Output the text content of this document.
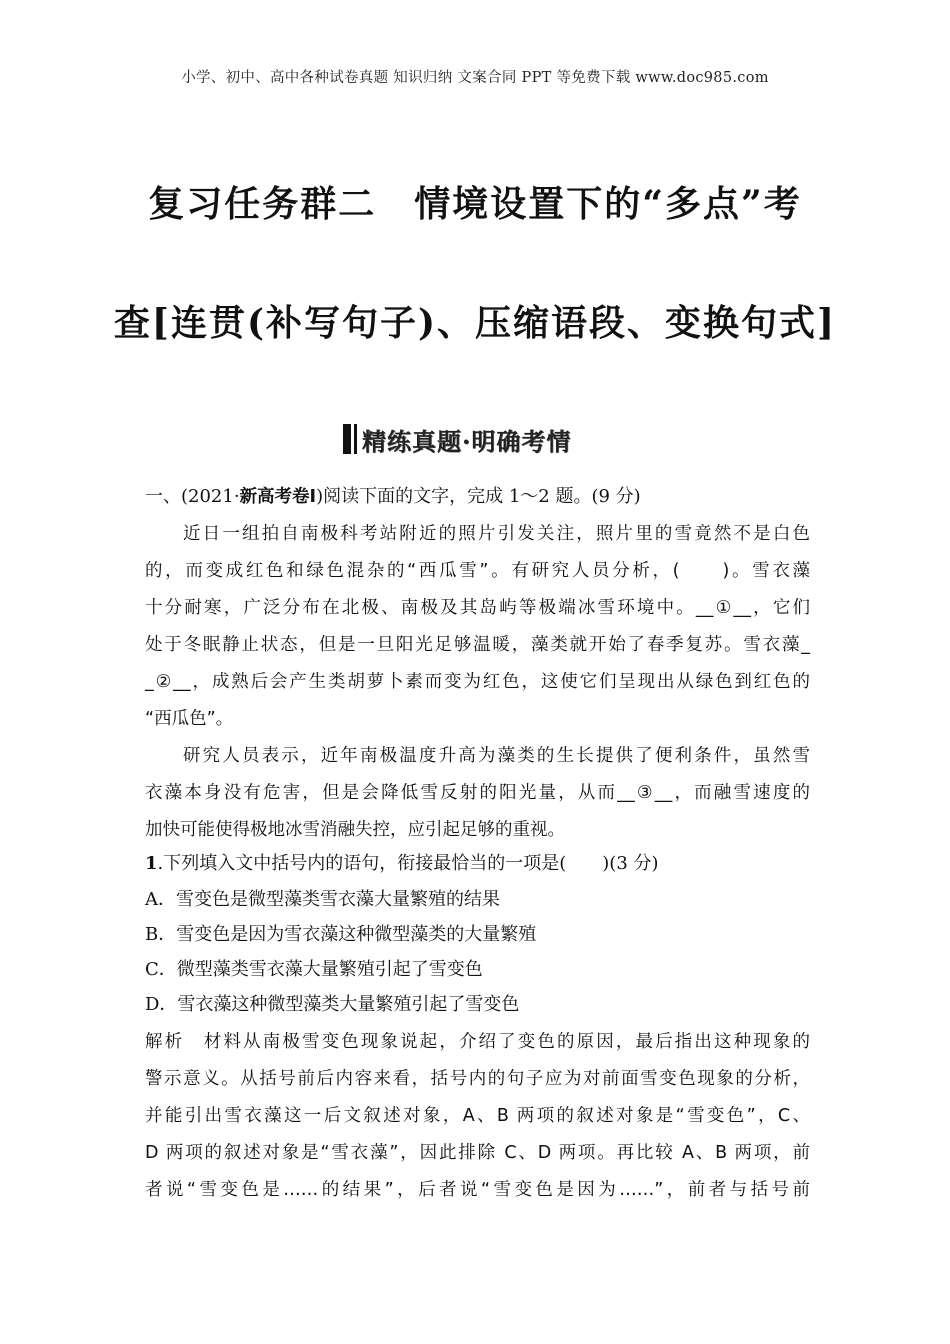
小学、初中、高中各种试卷真题 知识归纳 文案合同 PPT 等免费下载 www.doc985.com
复习任务群二　情境设置下的“多点”考
查[连贯(补写句子)、压缩语段、变换句式]
精练真题·明确考情
一、(2021·新高考卷Ⅰ)阅读下面的文字，完成 1～2 题。(9 分)
近日一组拍自南极科考站附近的照片引发关注，照片里的雪竟然不是白色
的，而变成红色和绿色混杂的“西瓜雪”。有研究人员分析，(　　)。雪衣藻
十分耐寒，广泛分布在北极、南极及其岛屿等极端冰雪环境中。__①__，它们
处于冬眠静止状态，但是一旦阳光足够温暖，藻类就开始了春季复苏。雪衣藻_
_②__，成熟后会产生类胡萝卜素而变为红色，这使它们呈现出从绿色到红色的
“西瓜色”。
研究人员表示，近年南极温度升高为藻类的生长提供了便利条件，虽然雪
衣藻本身没有危害，但是会降低雪反射的阳光量，从而__③__，而融雪速度的
加快可能使得极地冰雪消融失控，应引起足够的重视。
1.下列填入文中括号内的语句，衔接最恰当的一项是(　　)(3 分)
A．雪变色是微型藻类雪衣藻大量繁殖的结果
B．雪变色是因为雪衣藻这种微型藻类的大量繁殖
C．微型藻类雪衣藻大量繁殖引起了雪变色
D．雪衣藻这种微型藻类大量繁殖引起了雪变色
解析　材料从南极雪变色现象说起，介绍了变色的原因，最后指出这种现象的
警示意义。从括号前后内容来看，括号内的句子应为对前面雪变色现象的分析，
并能引出雪衣藻这一后文叙述对象，A、B 两项的叙述对象是“雪变色”，C、
D 两项的叙述对象是“雪衣藻”，因此排除 C、D 两项。再比较 A、B 两项，前
者说“雪变色是……的结果”，后者说“雪变色是因为……”，前者与括号前
